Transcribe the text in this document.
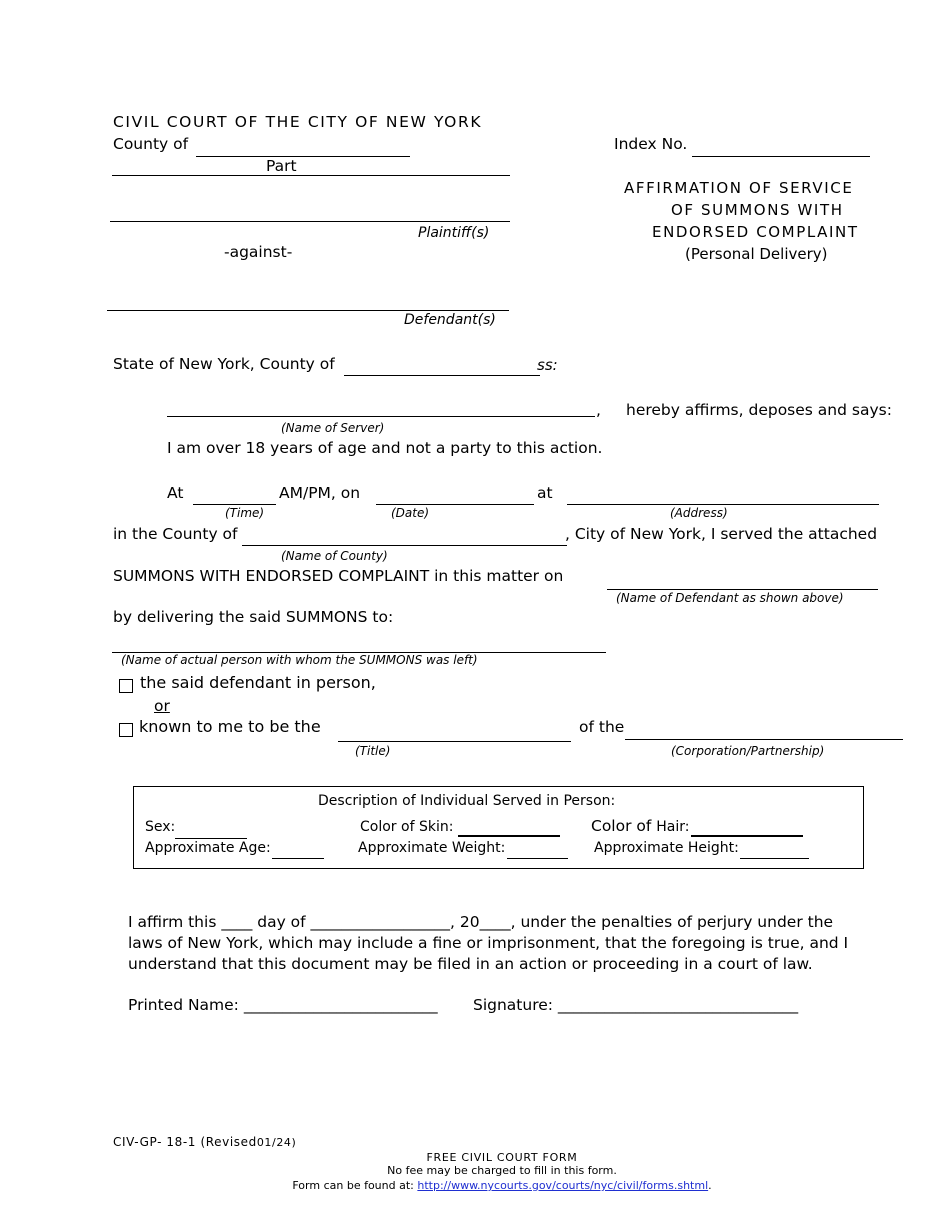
CIVIL COURT OF THE CITY OF NEW YORK
County of
Part
Plaintiff(s)
-against-
Defendant(s)
Index No.
AFFIRMATION OF SERVICE
OF SUMMONS WITH
ENDORSED COMPLAINT
(Personal Delivery)
State of New York, County of	ss:
, hereby affirms, deposes and says:
(Name of Server)
I am over 18 years of age and not a party to this action.
At	AM/PM, on	at
(Time)	(Date)	(Address)
in the County of	, City of New York, I served the attached
(Name of County)
SUMMONS WITH ENDORSED COMPLAINT in this matter on
(Name of Defendant as shown above)
by delivering the said SUMMONS to:
(Name of actual person with whom the SUMMONS was left)
the said defendant in person,
or
known to me to be the	of the
(Title)	(Corporation/Partnership)
Description of Individual Served in Person:
Sex:	Color of Skin:	Color of Hair:
Approximate Age:	Approximate Weight:	Approximate Height:
I affirm this ____ day of __________________, 20____, under the penalties of perjury under the
laws of New York, which may include a fine or imprisonment, that the foregoing is true, and I
understand that this document may be filed in an action or proceeding in a court of law.
Printed Name: _________________________ Signature: _______________________________
CIV-GP- 18-1 (Revised01/24)
FREE CIVIL COURT FORM
No fee may be charged to fill in this form.
Form can be found at: http://www.nycourts.gov/courts/nyc/civil/forms.shtml.
